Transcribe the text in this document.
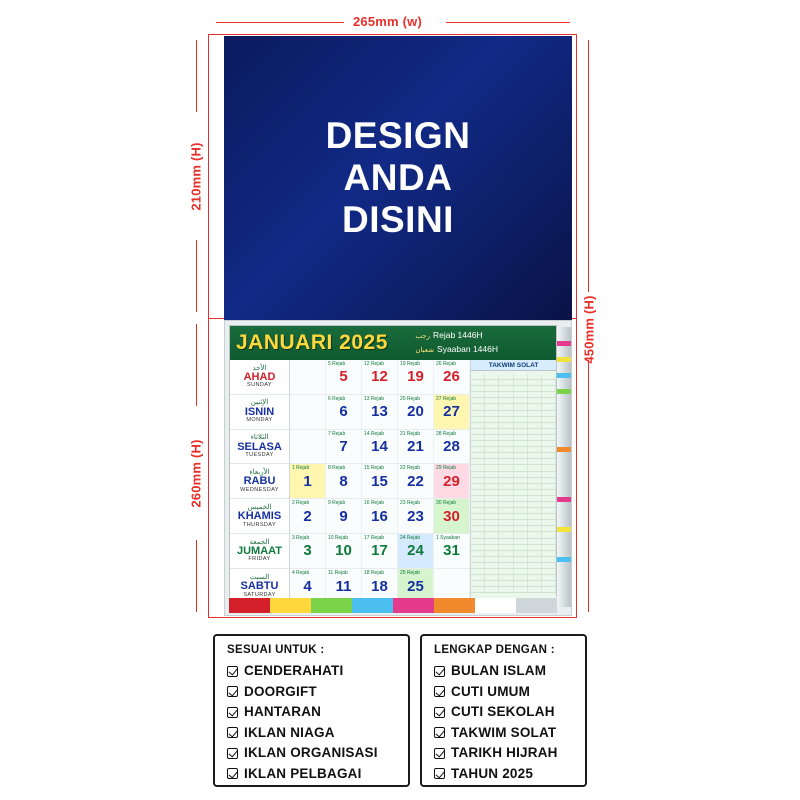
265mm (w)
210mm (H)
260mm (H)
450mm (H)
DESIGN
ANDA
DISINI
JANUARI 2025	رجب Rejab 1446H
شعبان Syaaban 1446H
الأحد
AHAD
SUNDAY
الإثنين
ISNIN
MONDAY
الثلاثاء
SELASA
TUESDAY
الأربعاء
RABU
WEDNESDAY
الخميس
KHAMIS
THURSDAY
الجمعة
JUMAAT
FRIDAY
السبت
SABTU
SATURDAY
5 Rejab
5
12 Rejab
12
19 Rejab
19
26 Rejab
26
6 Rejab
6
13 Rejab
13
20 Rejab
20
27 Rejab
27
7 Rejab
7
14 Rejab
14
21 Rejab
21
28 Rejab
28
1 Rejab
1
8 Rejab
8
15 Rejab
15
22 Rejab
22
29 Rejab
29
2 Rejab
2
9 Rejab
9
16 Rejab
16
23 Rejab
23
30 Rejab
30
3 Rejab
3
10 Rejab
10
17 Rejab
17
24 Rejab
24
1 Syaaban
31
4 Rejab
4
11 Rejab
11
18 Rejab
18
25 Rejab
25
TAKWIM SOLAT
SESUAI UNTUK :
CENDERAHATI
DOORGIFT
HANTARAN
IKLAN NIAGA
IKLAN ORGANISASI
IKLAN PELBAGAI
LENGKAP DENGAN :
BULAN ISLAM
CUTI UMUM
CUTI SEKOLAH
TAKWIM SOLAT
TARIKH HIJRAH
TAHUN 2025
